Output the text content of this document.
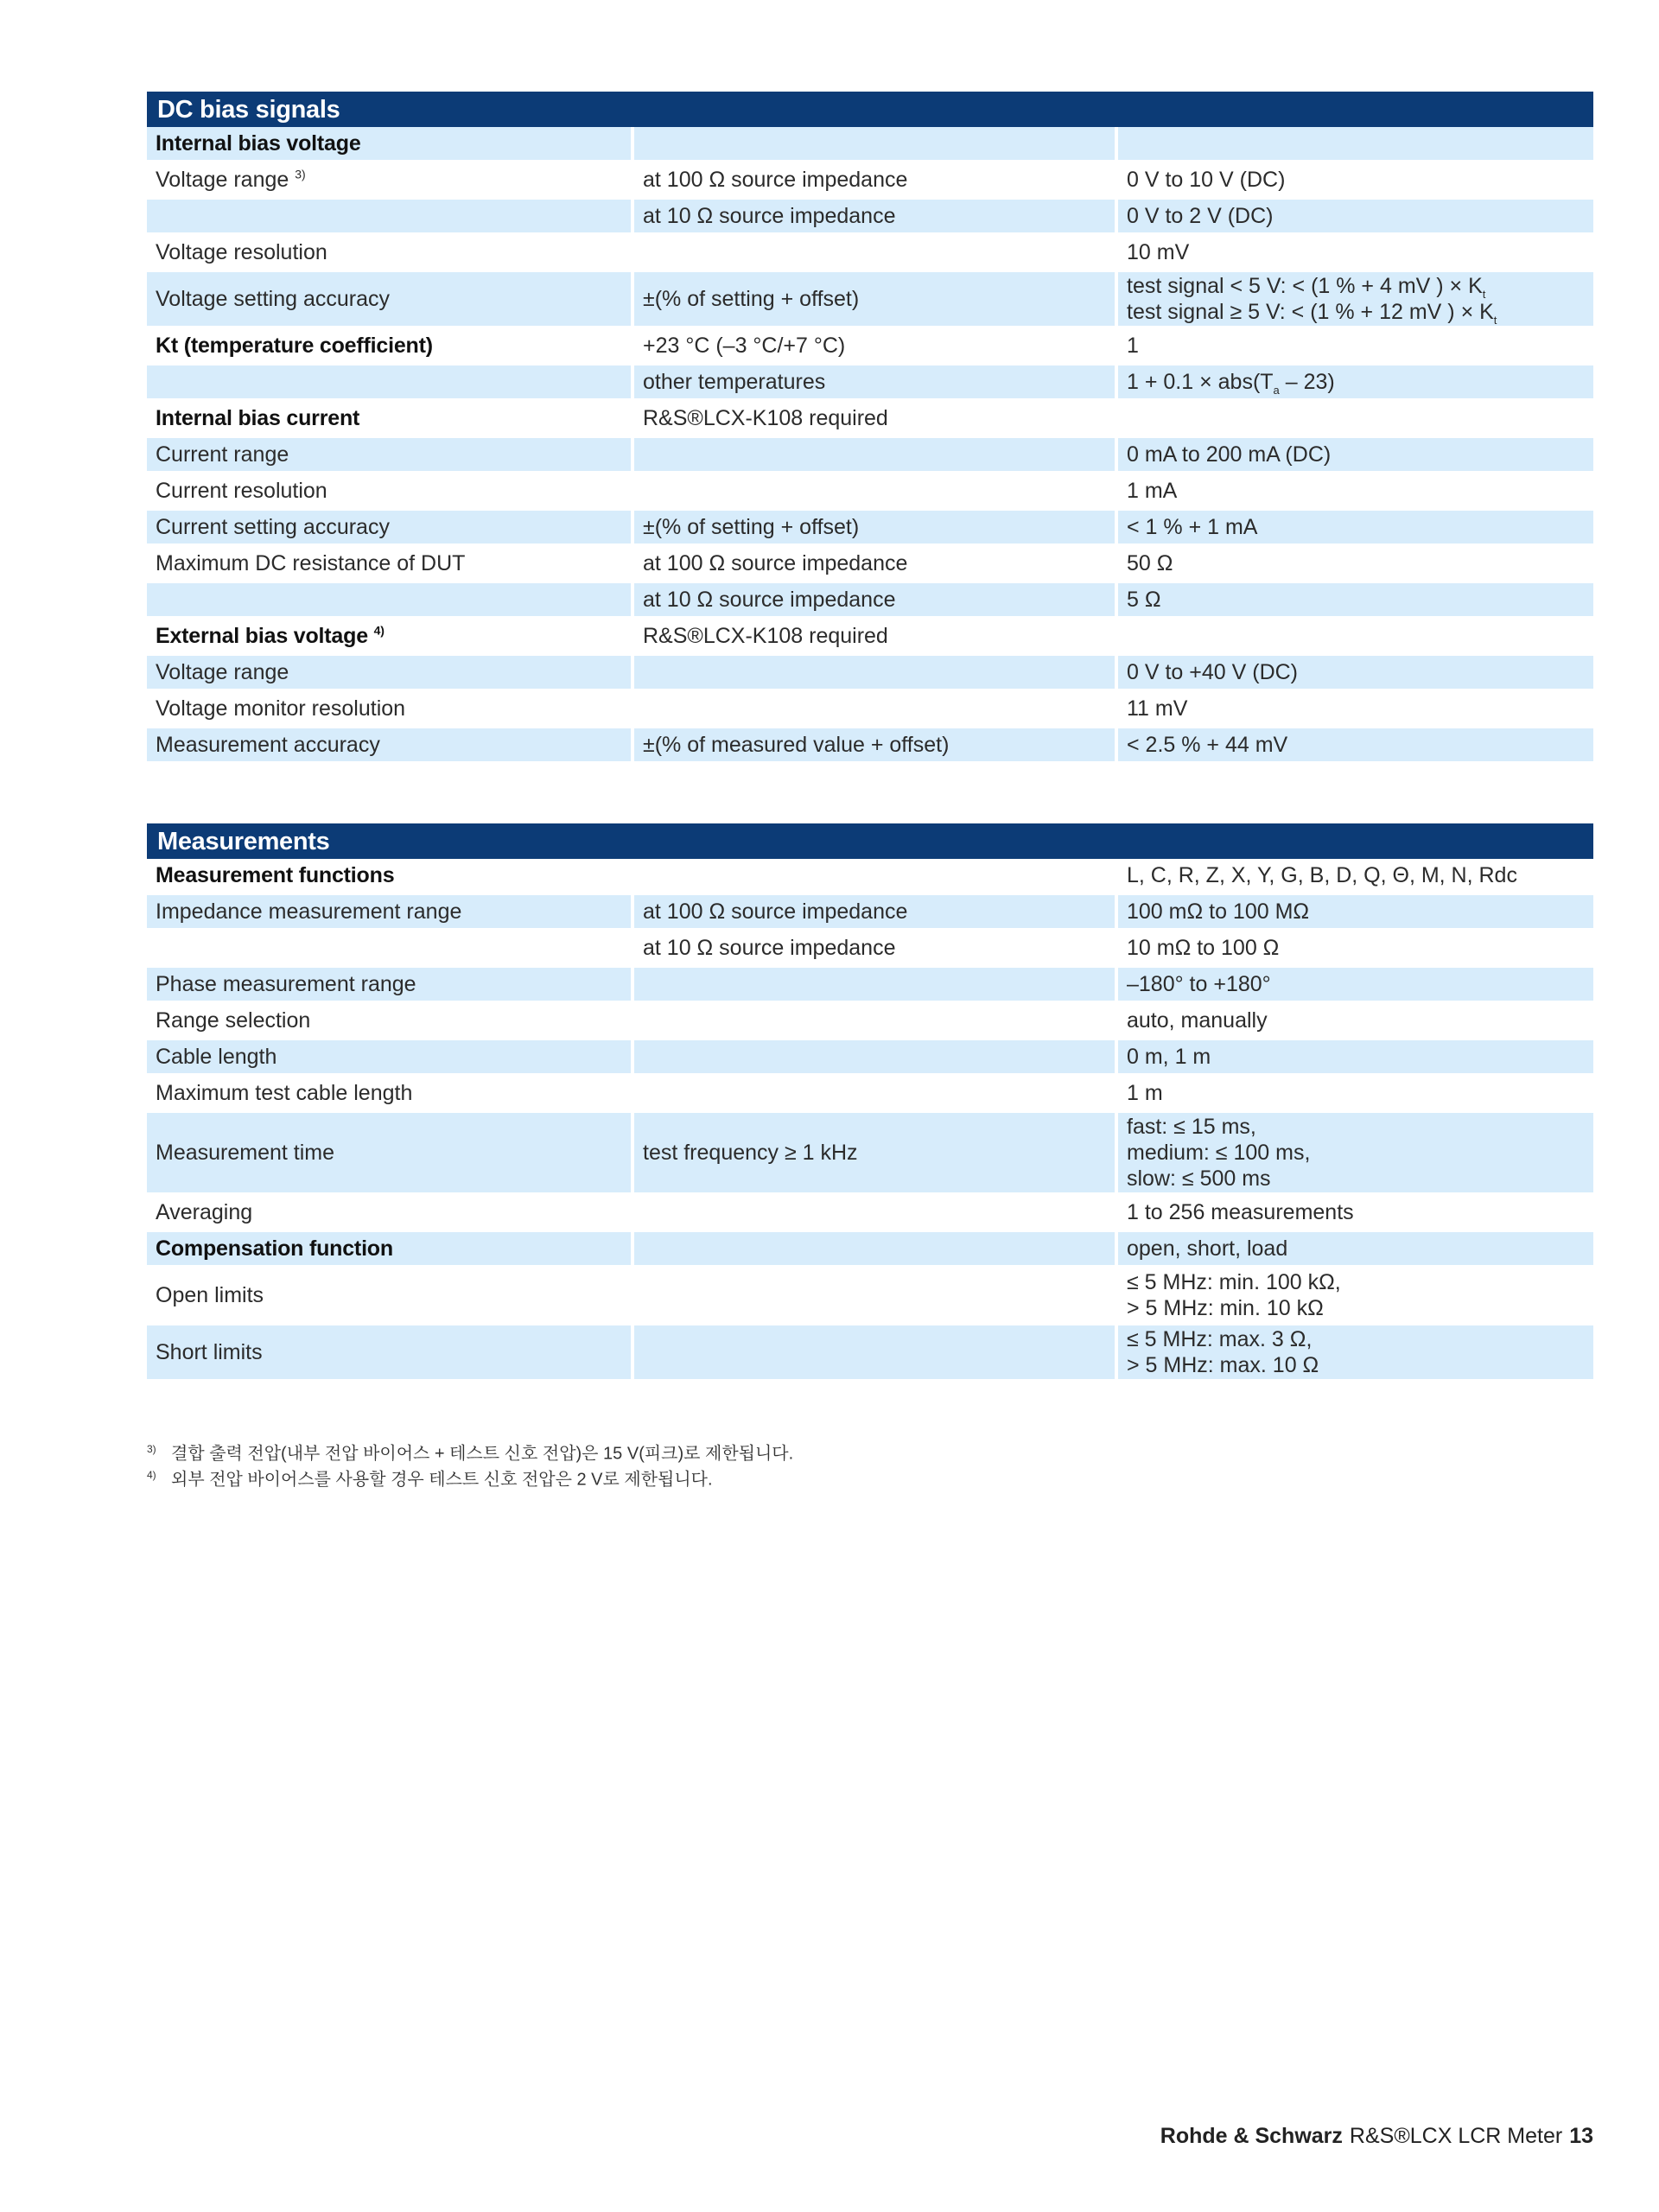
DC bias signals
Internal bias voltage		
Voltage range $^{3)}$	at 100 Ω source impedance	0 V to 10 V (DC)
	at 10 Ω source impedance	0 V to 2 V (DC)
Voltage resolution		10 mV
Voltage setting accuracy	±(% of setting + offset)	test signal < 5 V: < (1 % + 4 mV ) × $K_t$
test signal ≥ 5 V: < (1 % + 12 mV ) × $K_t$

Kt (temperature coefficient)	+23 °C (–3 °C/+7 °C)	1
	other temperatures	$1 + 0.1 \times abs(T_a - 23)$
Internal bias current	R&S®LCX-K108 required	
Current range		0 mA to 200 mA (DC)
Current resolution		1 mA
Current setting accuracy	±(% of setting + offset)	< 1 % + 1 mA
Maximum DC resistance of DUT	at 100 Ω source impedance	50 Ω
	at 10 Ω source impedance	5 Ω
External bias voltage $^{4)}$	R&S®LCX-K108 required	
Voltage range		0 V to +40 V (DC)
Voltage monitor resolution		11 mV
Measurement accuracy	±(% of measured value + offset)	< 2.5 % + 44 mV
Measurements
Measurement functions		L, C, R, Z, X, Y, G, B, D, Q, Θ, M, N, Rdc
Impedance measurement range	at 100 Ω source impedance	100 mΩ to 100 MΩ
	at 10 Ω source impedance	10 mΩ to 100 Ω
Phase measurement range		–180° to +180°
Range selection		auto, manually
Cable length		0 m, 1 m
Maximum test cable length		1 m
Measurement time	test frequency ≥ 1 kHz	fast: ≤ 15 ms,
medium: ≤ 100 ms,
slow: ≤ 500 ms

Averaging		1 to 256 measurements
Compensation function		open, short, load
Open limits		≤ 5 MHz: min. 100 kΩ,
> 5 MHz: min. 10 kΩ

Short limits		≤ 5 MHz: max. 3 Ω,
> 5 MHz: max. 10 Ω
3) 결합 출력 전압(내부 전압 바이어스 + 테스트 신호 전압)은 15 V(피크)로 제한됩니다.
4) 외부 전압 바이어스를 사용할 경우 테스트 신호 전압은 2 V로 제한됩니다.
Rohde & Schwarz R&S®LCX LCR Meter 13
